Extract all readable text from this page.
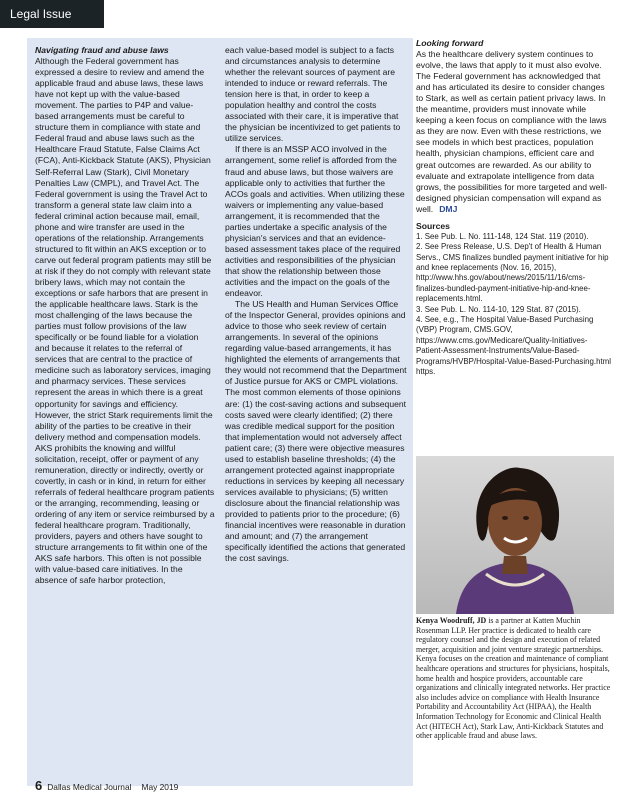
Legal Issue
Navigating fraud and abuse laws

Although the Federal government has expressed a desire to review and amend the applicable fraud and abuse laws, these laws have not kept up with the value-based movement. The parties to P4P and value-based arrangements must be careful to structure them in compliance with state and Federal fraud and abuse laws such as the Healthcare Fraud Statute, False Claims Act (FCA), Anti-Kickback Statute (AKS), Physician Self-Referral Law (Stark), Civil Monetary Penalties Law (CMPL), and Travel Act. The Federal government is using the Travel Act to transform a general state law claim into a federal criminal action because mail, email, phone and wire transfer are used in the operations of the relationship. Arrangements structured to fit within an AKS exception or to carve out federal program patients may still be at risk if they do not comply with relevant state bribery laws, which may not contain the exceptions or safe harbors that are present in the applicable healthcare laws. Stark is the most challenging of the laws because the parties must follow provisions of the law specifically or be found liable for a violation and because it relates to the referral of services that are central to the practice of medicine such as laboratory services, imaging and pharmacy services. These services represent the areas in which there is a great opportunity for savings and efficiency. However, the strict Stark requirements limit the ability of the parties to be creative in their delivery method and compensation models. AKS prohibits the knowing and willful solicitation, receipt, offer or payment of any remuneration, directly or indirectly, overtly or covertly, in cash or in kind, in return for either referrals of federal healthcare program patients or the arranging, recommending, leasing or ordering of any item or service reimbursed by a federal healthcare program. Traditionally, providers, payers and others have sought to structure arrangements to fit within one of the AKS safe harbors. This often is not possible with value-based care initiatives. In the absence of safe harbor protection,

each value-based model is subject to a facts and circumstances analysis to determine whether the relevant sources of payment are intended to induce or reward referrals. The tension here is that, in order to keep a population healthy and control the costs associated with their care, it is imperative that the physician be incentivized to get patients to utilize services.

If there is an MSSP ACO involved in the arrangement, some relief is afforded from the fraud and abuse laws, but those waivers are applicable only to activities that further the ACOs goals and activities. When utilizing these waivers or implementing any value-based arrangement, it is recommended that the parties undertake a specific analysis of the physician's services and that an evidence-based assessment takes place of the required activities and responsibilities of the physician that show the relationship between those activities and the impact on the goals of the endeavor.

The US Health and Human Services Office of the Inspector General, provides opinions and advice to those who seek review of certain arrangements. In several of the opinions regarding value-based arrangements, it has highlighted the elements of arrangements that they would not recommend that the Department of Justice pursue for AKS or CMPL violations. The most common elements of those opinions are: (1) the cost-saving actions and subsequent costs saved were clearly identified; (2) there was credible medical support for the position that implementation would not adversely affect patient care; (3) there were objective measures used to establish baseline thresholds; (4) the arrangement protected against inappropriate reductions in services by keeping all necessary services available to physicians; (5) written disclosure about the financial relationship was provided to patients prior to the procedure; (6) financial incentives were reasonable in duration and amount; and (7) the arrangement specifically identified the actions that generated the cost savings.

Looking forward

As the healthcare delivery system continues to evolve, the laws that apply to it must also evolve. The Federal government has acknowledged that and has articulated its desire to consider changes to Stark, as well as certain patient privacy laws. In the meantime, providers must innovate while keeping a keen focus on compliance with the laws as they are now. Even with these restrictions, we see models in which best practices, population health, physician champions, efficient care and great outcomes are rewarded. As our ability to evaluate and extrapolate intelligence from data grows, the possibilities for more targeted and well-designed physician compensation will expand as well. DMJ

Sources

1. See Pub. L. No. 111-148, 124 Stat. 119 (2010).

2. See Press Release, U.S. Dep't of Health & Human Servs., CMS finalizes bundled payment initiative for hip and knee replacements (Nov. 16, 2015), http://www.hhs.gov/about/news/2015/11/16/cms-finalizes-bundled-payment-initiative-hip-and-knee-replacements.html.

3. See Pub. L. No. 114-10, 129 Stat. 87 (2015).

4. See, e.g., The Hospital Value-Based Purchasing (VBP) Program, CMS.GOV, https://www.cms.gov/Medicare/Quality-Initiatives-Patient-Assessment-Instruments/Value-Based-Programs/HVBP/Hospital-Value-Based-Purchasing.html https.

Kenya Woodruff, JD is a partner at Katten Muchin Rosenman LLP. Her practice is dedicated to health care regulatory counsel and the design and execution of related merger, acquisition and joint venture strategic partnerships. Kenya focuses on the creation and maintenance of compliant healthcare operations and structures for physicians, hospitals, home health and hospice providers, accountable care organizations and clinically integrated networks. Her practice also includes advice on compliance with Health Insurance Portability and Accountability Act (HIPAA), the Health Information Technology for Economic and Clinical Health Act (HITECH Act), Stark Law, Anti-Kickback Statutes and other applicable fraud and abuse laws.
6 Dallas Medical Journal May 2019
